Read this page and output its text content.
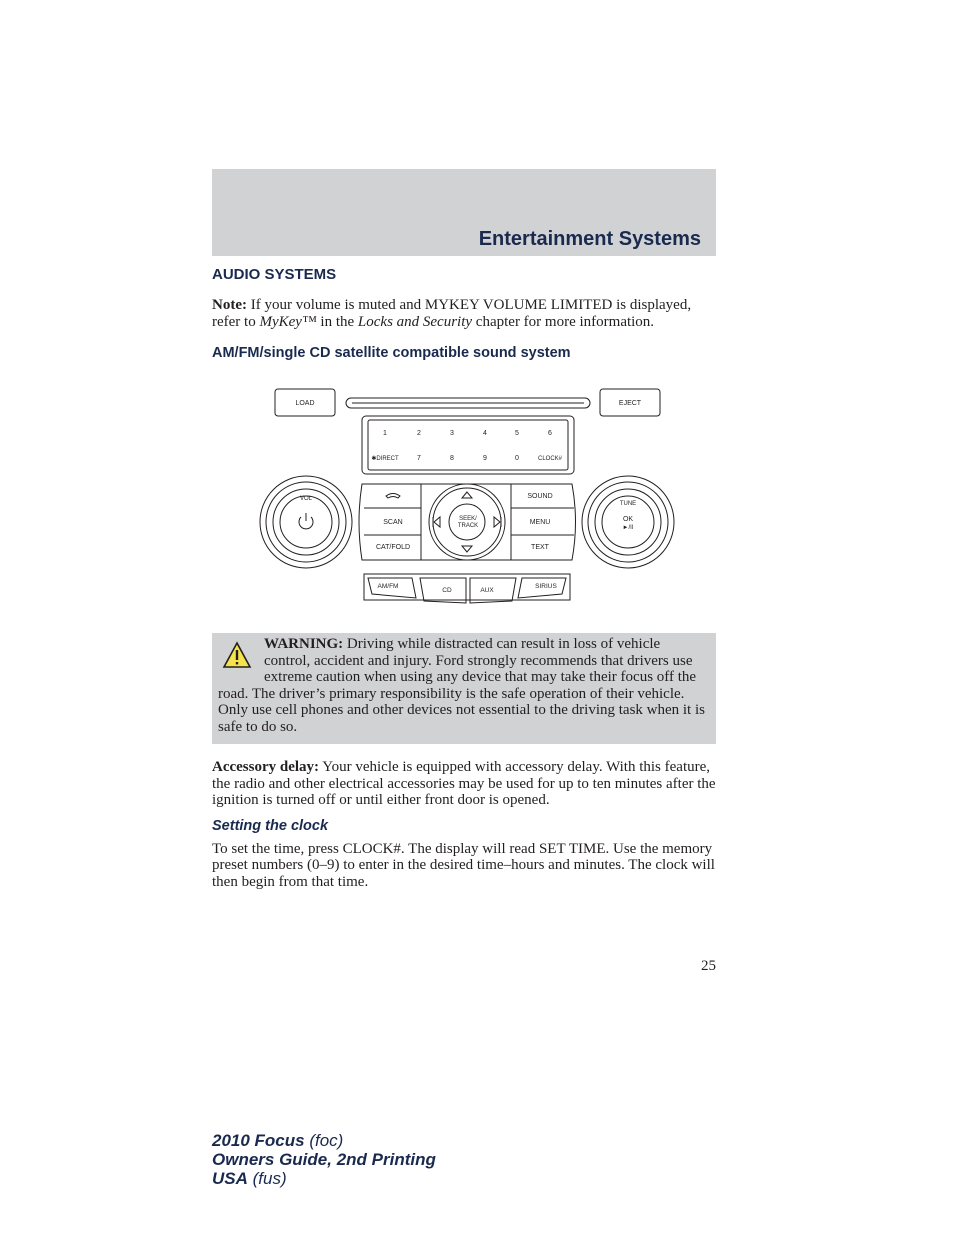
Entertainment Systems
AUDIO SYSTEMS

Note: If your volume is muted and MYKEY VOLUME LIMITED is displayed, refer to MyKey™ in the Locks and Security chapter for more information.

AM/FM/single CD satellite compatible sound system
LOAD	EJECT
1	2	3	4	5	6
✱DIRECT	7	8	9	0	CLOCK#
VOL
TUNE
OK
►/II
SCAN
CAT/FOLD
SEEK/
TRACK
SOUND
MENU
TEXT
AM/FM
CD	AUX
SIRIUS

WARNING: Driving while distracted can result in loss of vehicle control, accident and injury. Ford strongly recommends that drivers use extreme caution when using any device that may take their focus off the road. The driver’s primary responsibility is the safe operation of their vehicle. Only use cell phones and other devices not essential to the driving task when it is safe to do so.

Accessory delay: Your vehicle is equipped with accessory delay. With this feature, the radio and other electrical accessories may be used for up to ten minutes after the ignition is turned off or until either front door is opened.

Setting the clock

To set the time, press CLOCK#. The display will read SET TIME. Use the memory preset numbers (0–9) to enter in the desired time–hours and minutes. The clock will then begin from that time.

25
2010 Focus (foc)
Owners Guide, 2nd Printing
USA (fus)
